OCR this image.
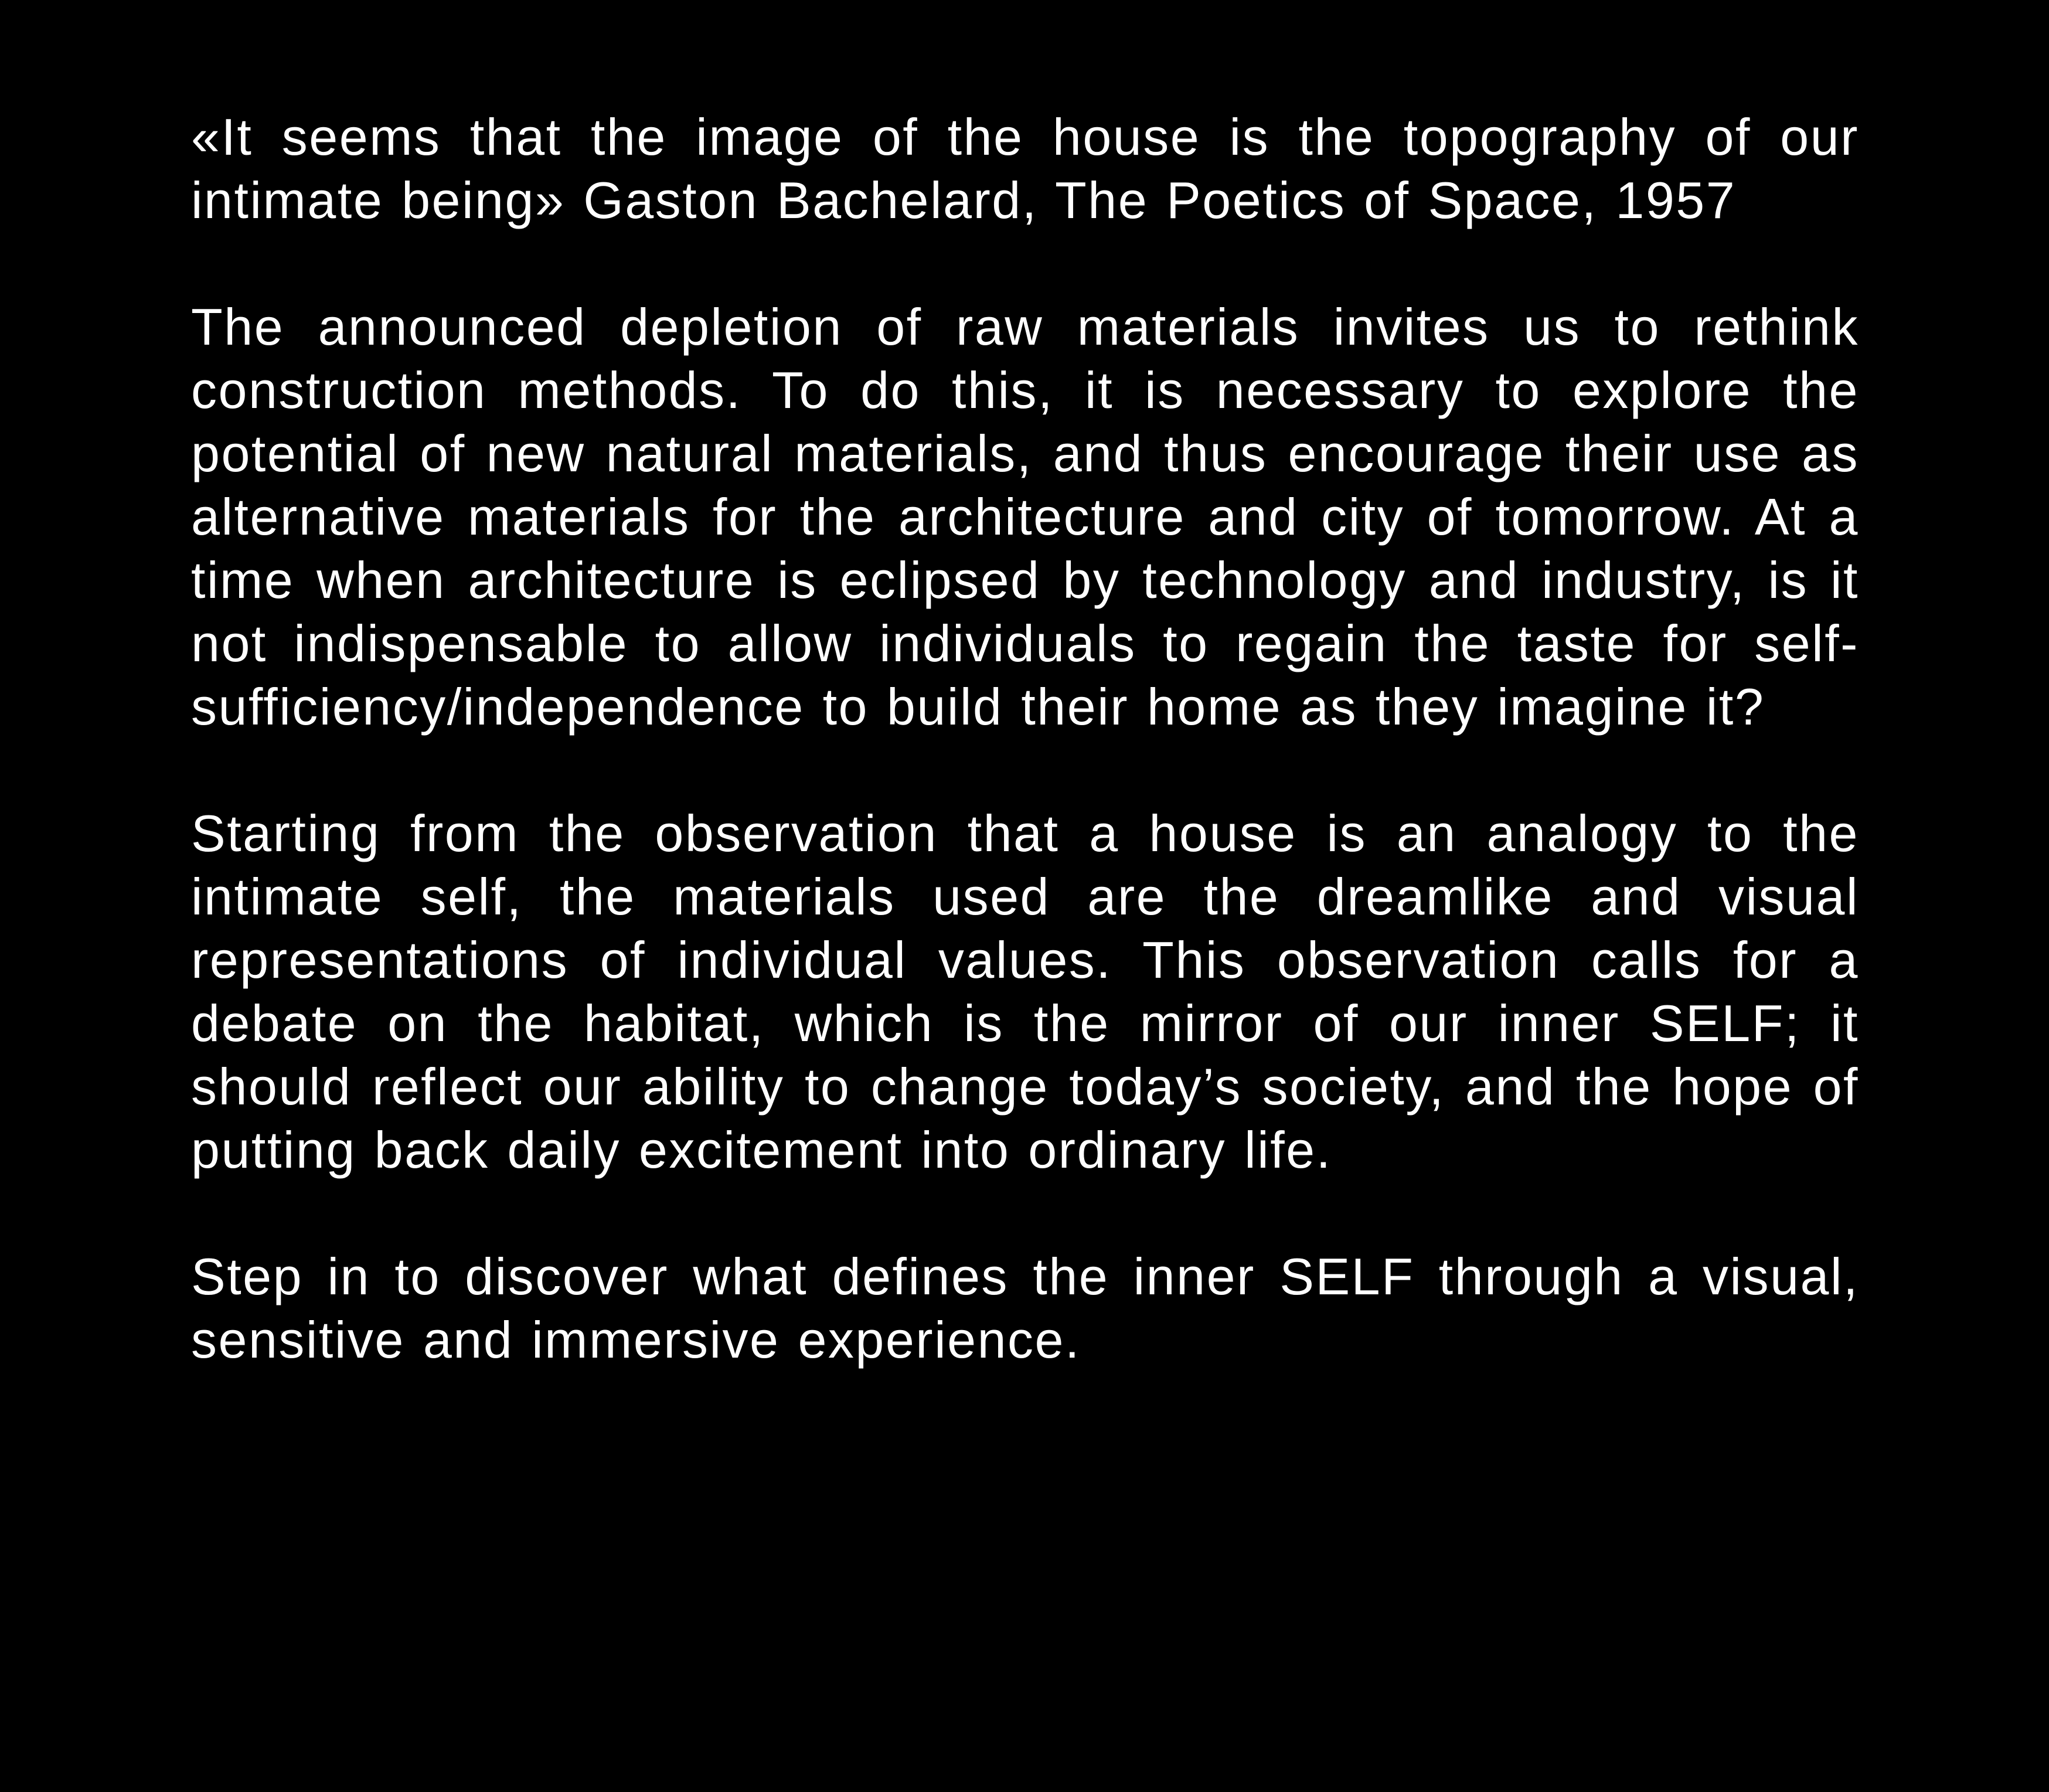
«It seems that the image of the house is the topography of our intimate being» Gaston Bachelard, The Poetics of Space, 1957

The announced depletion of raw materials invites us to rethink construction methods. To do this, it is necessary to explore the potential of new natural materials, and thus encourage their use as alternative materials for the architecture and city of tomorrow. At a time when architecture is eclipsed by technology and industry, is it not indispensable to allow individuals to regain the taste for self-sufficiency/independence to build their home as they imagine it?

Starting from the observation that a house is an analogy to the intimate self, the materials used are the dreamlike and visual representations of individual values. This observation calls for a debate on the habitat, which is the mirror of our inner SELF; it should reflect our ability to change today’s society, and the hope of putting back daily excitement into ordinary life.

Step in to discover what defines the inner SELF through a visual, sensitive and immersive experience.
